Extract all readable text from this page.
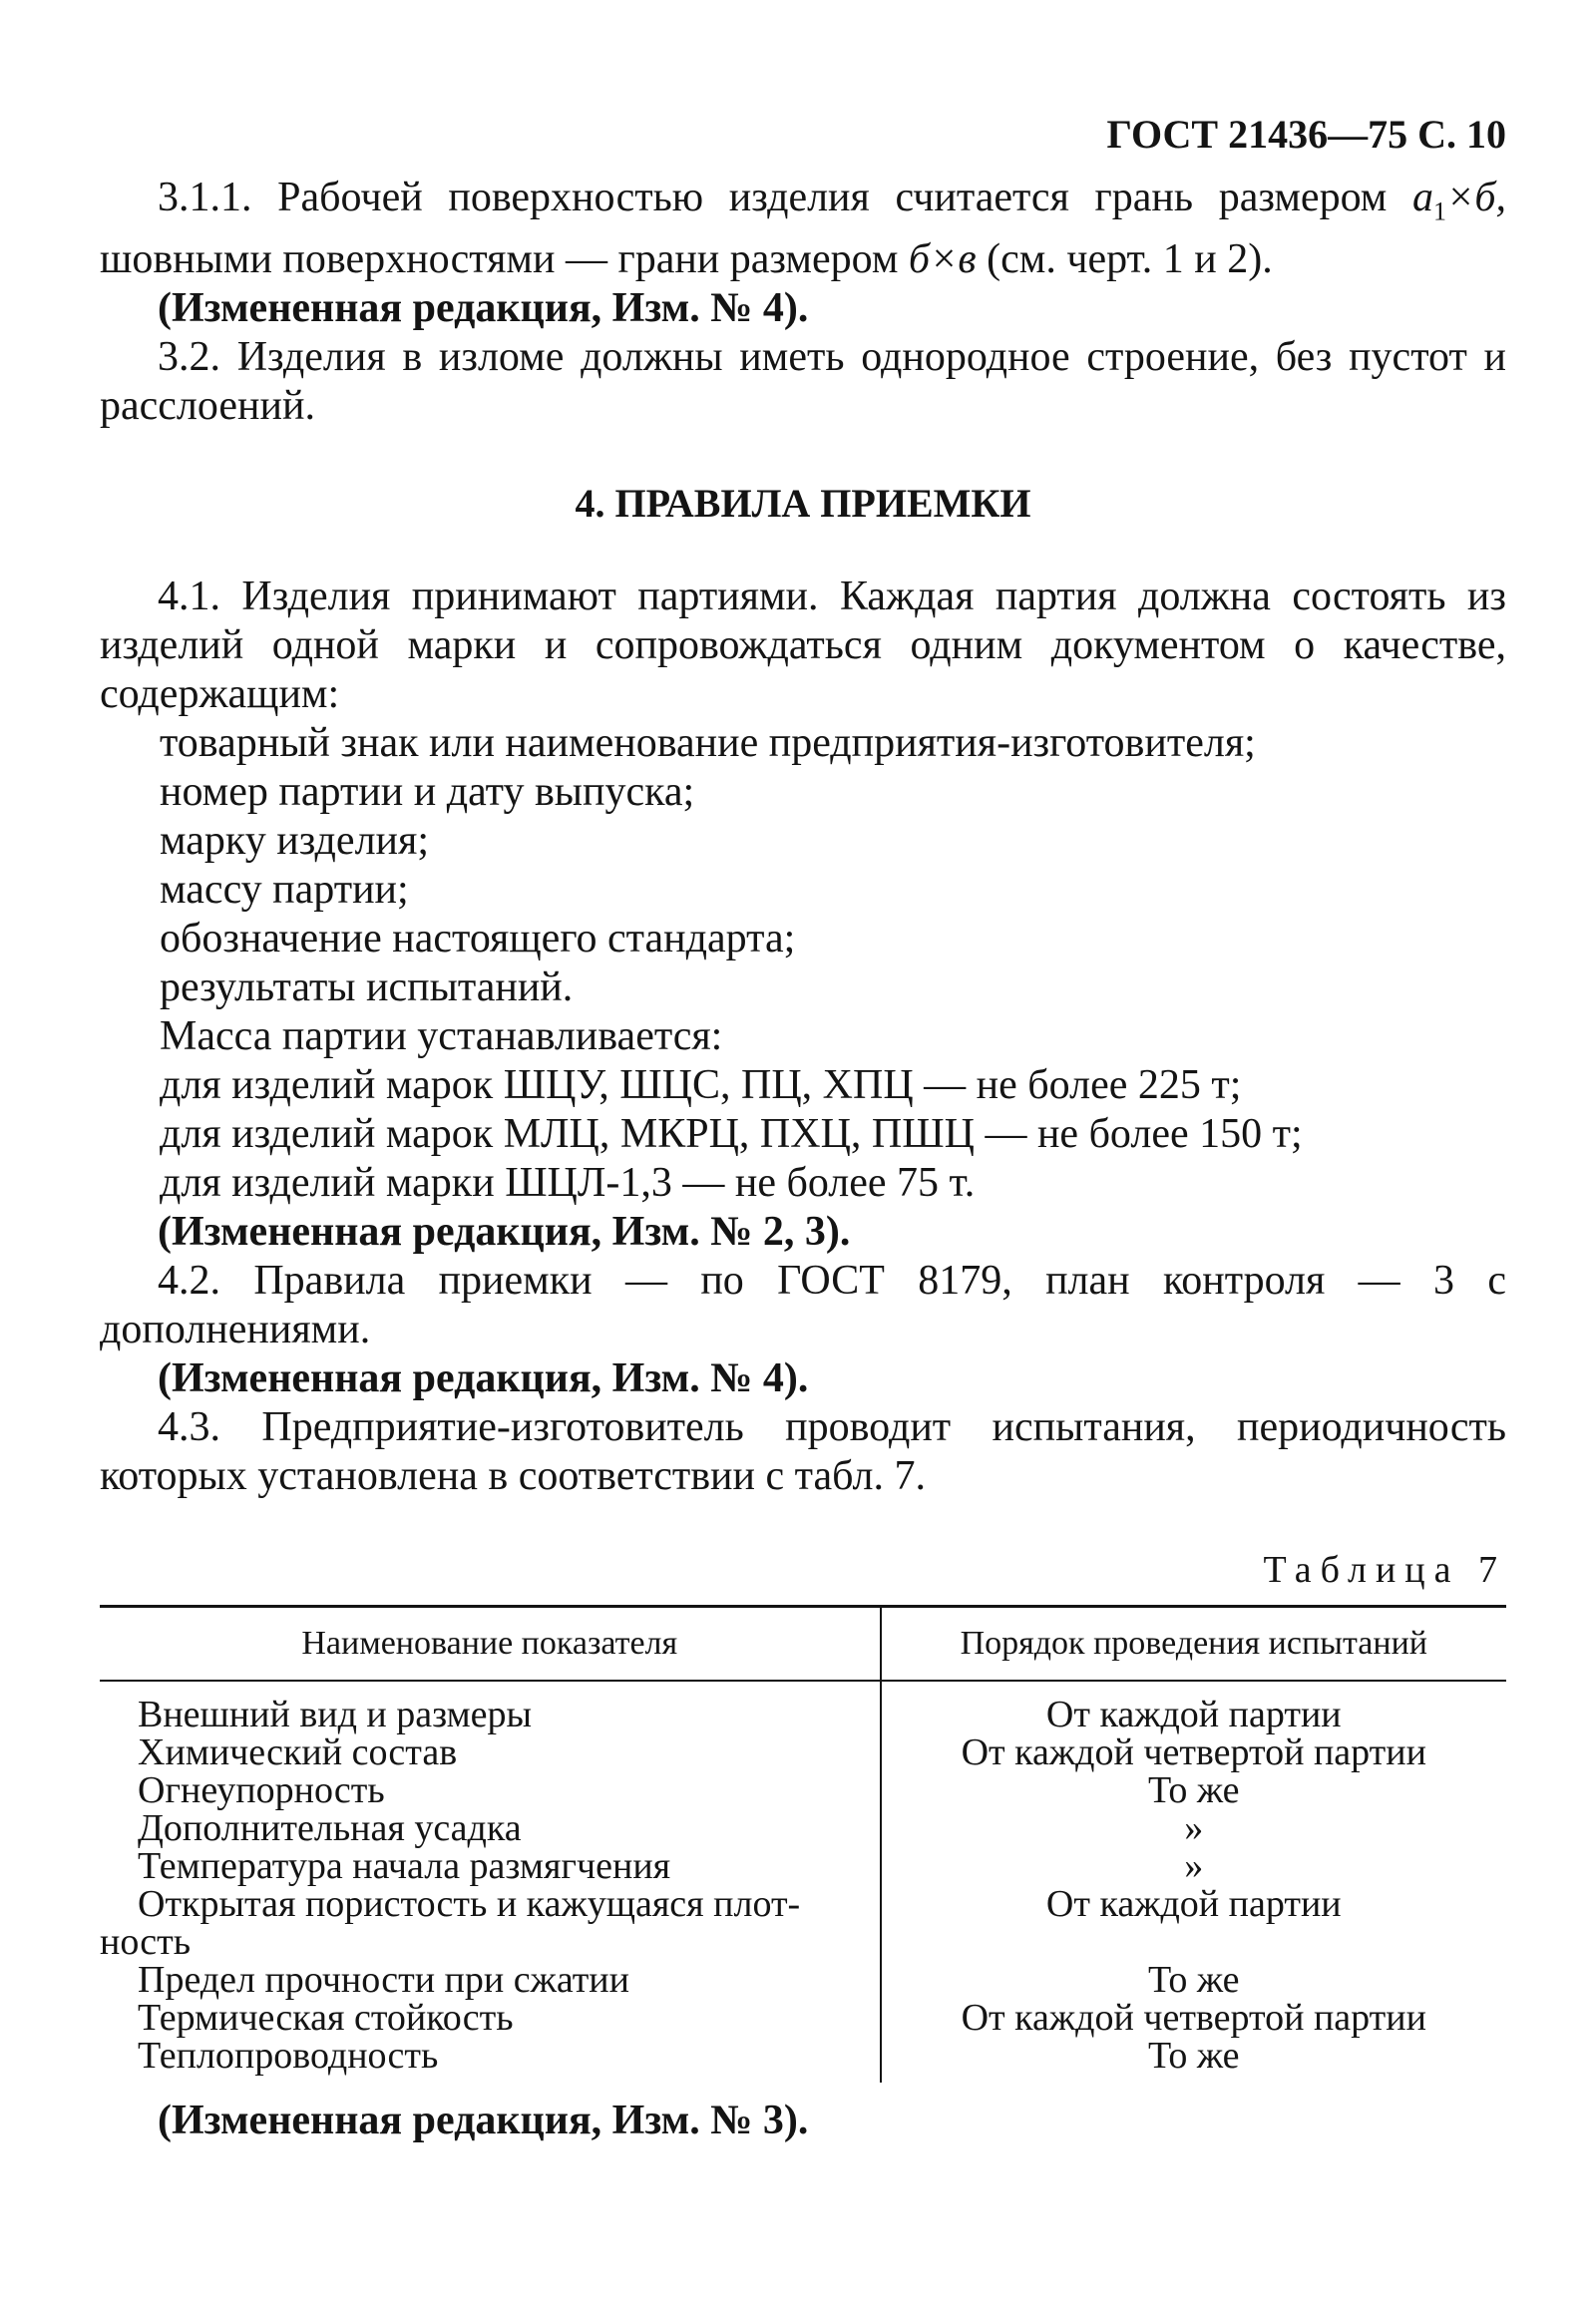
ГОСТ 21436—75 С. 10

3.1.1. Рабочей поверхностью изделия считается грань размером $а_1\times б$, шовными поверхностями — грани размером б×в (см. черт. 1 и 2).

(Измененная редакция, Изм. № 4).

3.2. Изделия в изломе должны иметь однородное строение, без пустот и расслоений.

4. ПРАВИЛА ПРИЕМКИ

4.1. Изделия принимают партиями. Каждая партия должна состоять из изделий одной марки и сопровождаться одним документом о качестве, содержащим:

товарный знак или наименование предприятия-изготовителя;

номер партии и дату выпуска;

марку изделия;

массу партии;

обозначение настоящего стандарта;

результаты испытаний.

Масса партии устанавливается:

для изделий марок ШЦУ, ШЦС, ПЦ, ХПЦ — не более 225 т;

для изделий марок МЛЦ, МКРЦ, ПХЦ, ПШЦ — не более 150 т;

для изделий марки ШЦЛ-1,3 — не более 75 т.

(Измененная редакция, Изм. № 2, 3).

4.2. Правила приемки — по ГОСТ 8179, план контроля — 3 с дополнениями.

(Измененная редакция, Изм. № 4).

4.3. Предприятие-изготовитель проводит испытания, периодичность которых установлена в соответствии с табл. 7.

Таблица 7
Наименование показателя	Порядок проведения испытаний
Внешний вид и размеры	От каждой партии
Химический состав	От каждой четвертой партии
Огнеупорность	То же
Дополнительная усадка	»
Температура начала размягчения	»
Открытая пористость и кажущаяся плот-
ность	От каждой партии
Предел прочности при сжатии	То же
Термическая стойкость	От каждой четвертой партии
Теплопроводность	То же

(Измененная редакция, Изм. № 3).
